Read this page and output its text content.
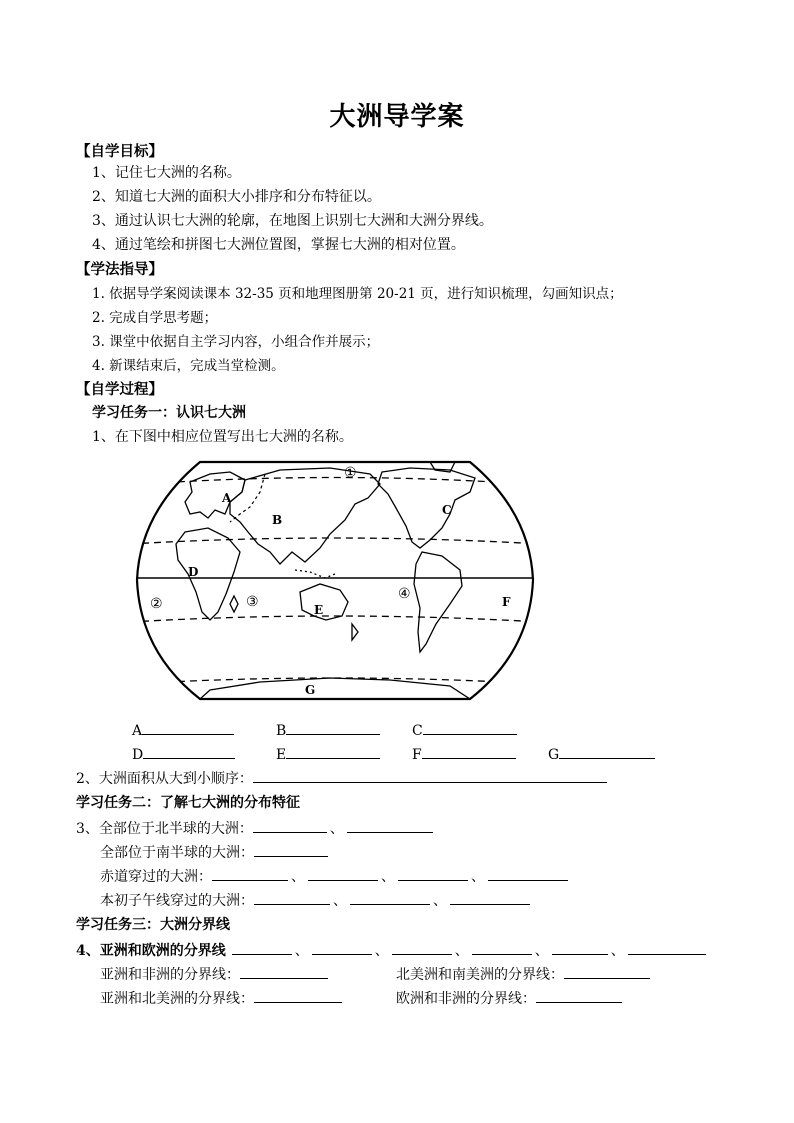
大洲导学案
【自学目标】
1、记住七大洲的名称。
2、知道七大洲的面积大小排序和分布特征以。
3、通过认识七大洲的轮廓，在地图上识别七大洲和大洲分界线。
4、通过笔绘和拼图七大洲位置图，掌握七大洲的相对位置。
【学法指导】
1. 依据导学案阅读课本 32-35 页和地理图册第 20-21 页，进行知识梳理，勾画知识点；
2. 完成自学思考题；
3. 课堂中依据自主学习内容，小组合作并展示；
4. 新课结束后，完成当堂检测。
【自学过程】
学习任务一：认识七大洲
1、在下图中相应位置写出七大洲的名称。
A
B
C
D
E
F
G
①
②	③	④
A	B	C
D	E	F	G
2、大洲面积从大到小顺序：
学习任务二：了解七大洲的分布特征
3、全部位于北半球的大洲：	、
全部位于南半球的大洲：
赤道穿过的大洲：	、	、	、
本初子午线穿过的大洲：	、	、
学习任务三：大洲分界线
4、亚洲和欧洲的分界线	、	、	、	、	、
亚洲和非洲的分界线：	北美洲和南美洲的分界线：
亚洲和北美洲的分界线：	欧洲和非洲的分界线：
